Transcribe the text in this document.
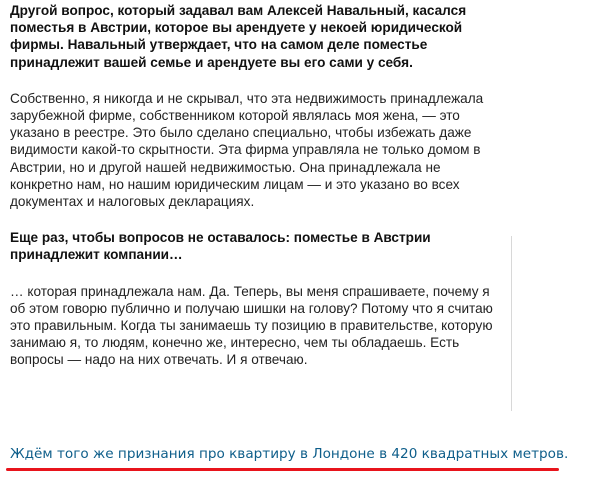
Другой вопрос, который задавал вам Алексей Навальный, касался поместья в Австрии, которое вы арендуете у некоей юридической фирмы. Навальный утверждает, что на самом деле поместье принадлежит вашей семье и арендуете вы его сами у себя.

Собственно, я никогда и не скрывал, что эта недвижимость принадлежала зарубежной фирме, собственником которой являлась моя жена, — это указано в реестре. Это было сделано специально, чтобы избежать даже видимости какой-то скрытности. Эта фирма управляла не только домом в Австрии, но и другой нашей недвижимостью. Она принадлежала не конкретно нам, но нашим юридическим лицам — и это указано во всех документах и налоговых декларациях.

Еще раз, чтобы вопросов не оставалось: поместье в Австрии принадлежит компании…

… которая принадлежала нам. Да. Теперь, вы меня спрашиваете, почему я об этом говорю публично и получаю шишки на голову? Потому что я считаю это правильным. Когда ты занимаешь ту позицию в правительстве, которую занимаю я, то людям, конечно же, интересно, чем ты обладаешь. Есть вопросы — надо на них отвечать. И я отвечаю.

Ждём того же признания про квартиру в Лондоне в 420 квадратных метров.
